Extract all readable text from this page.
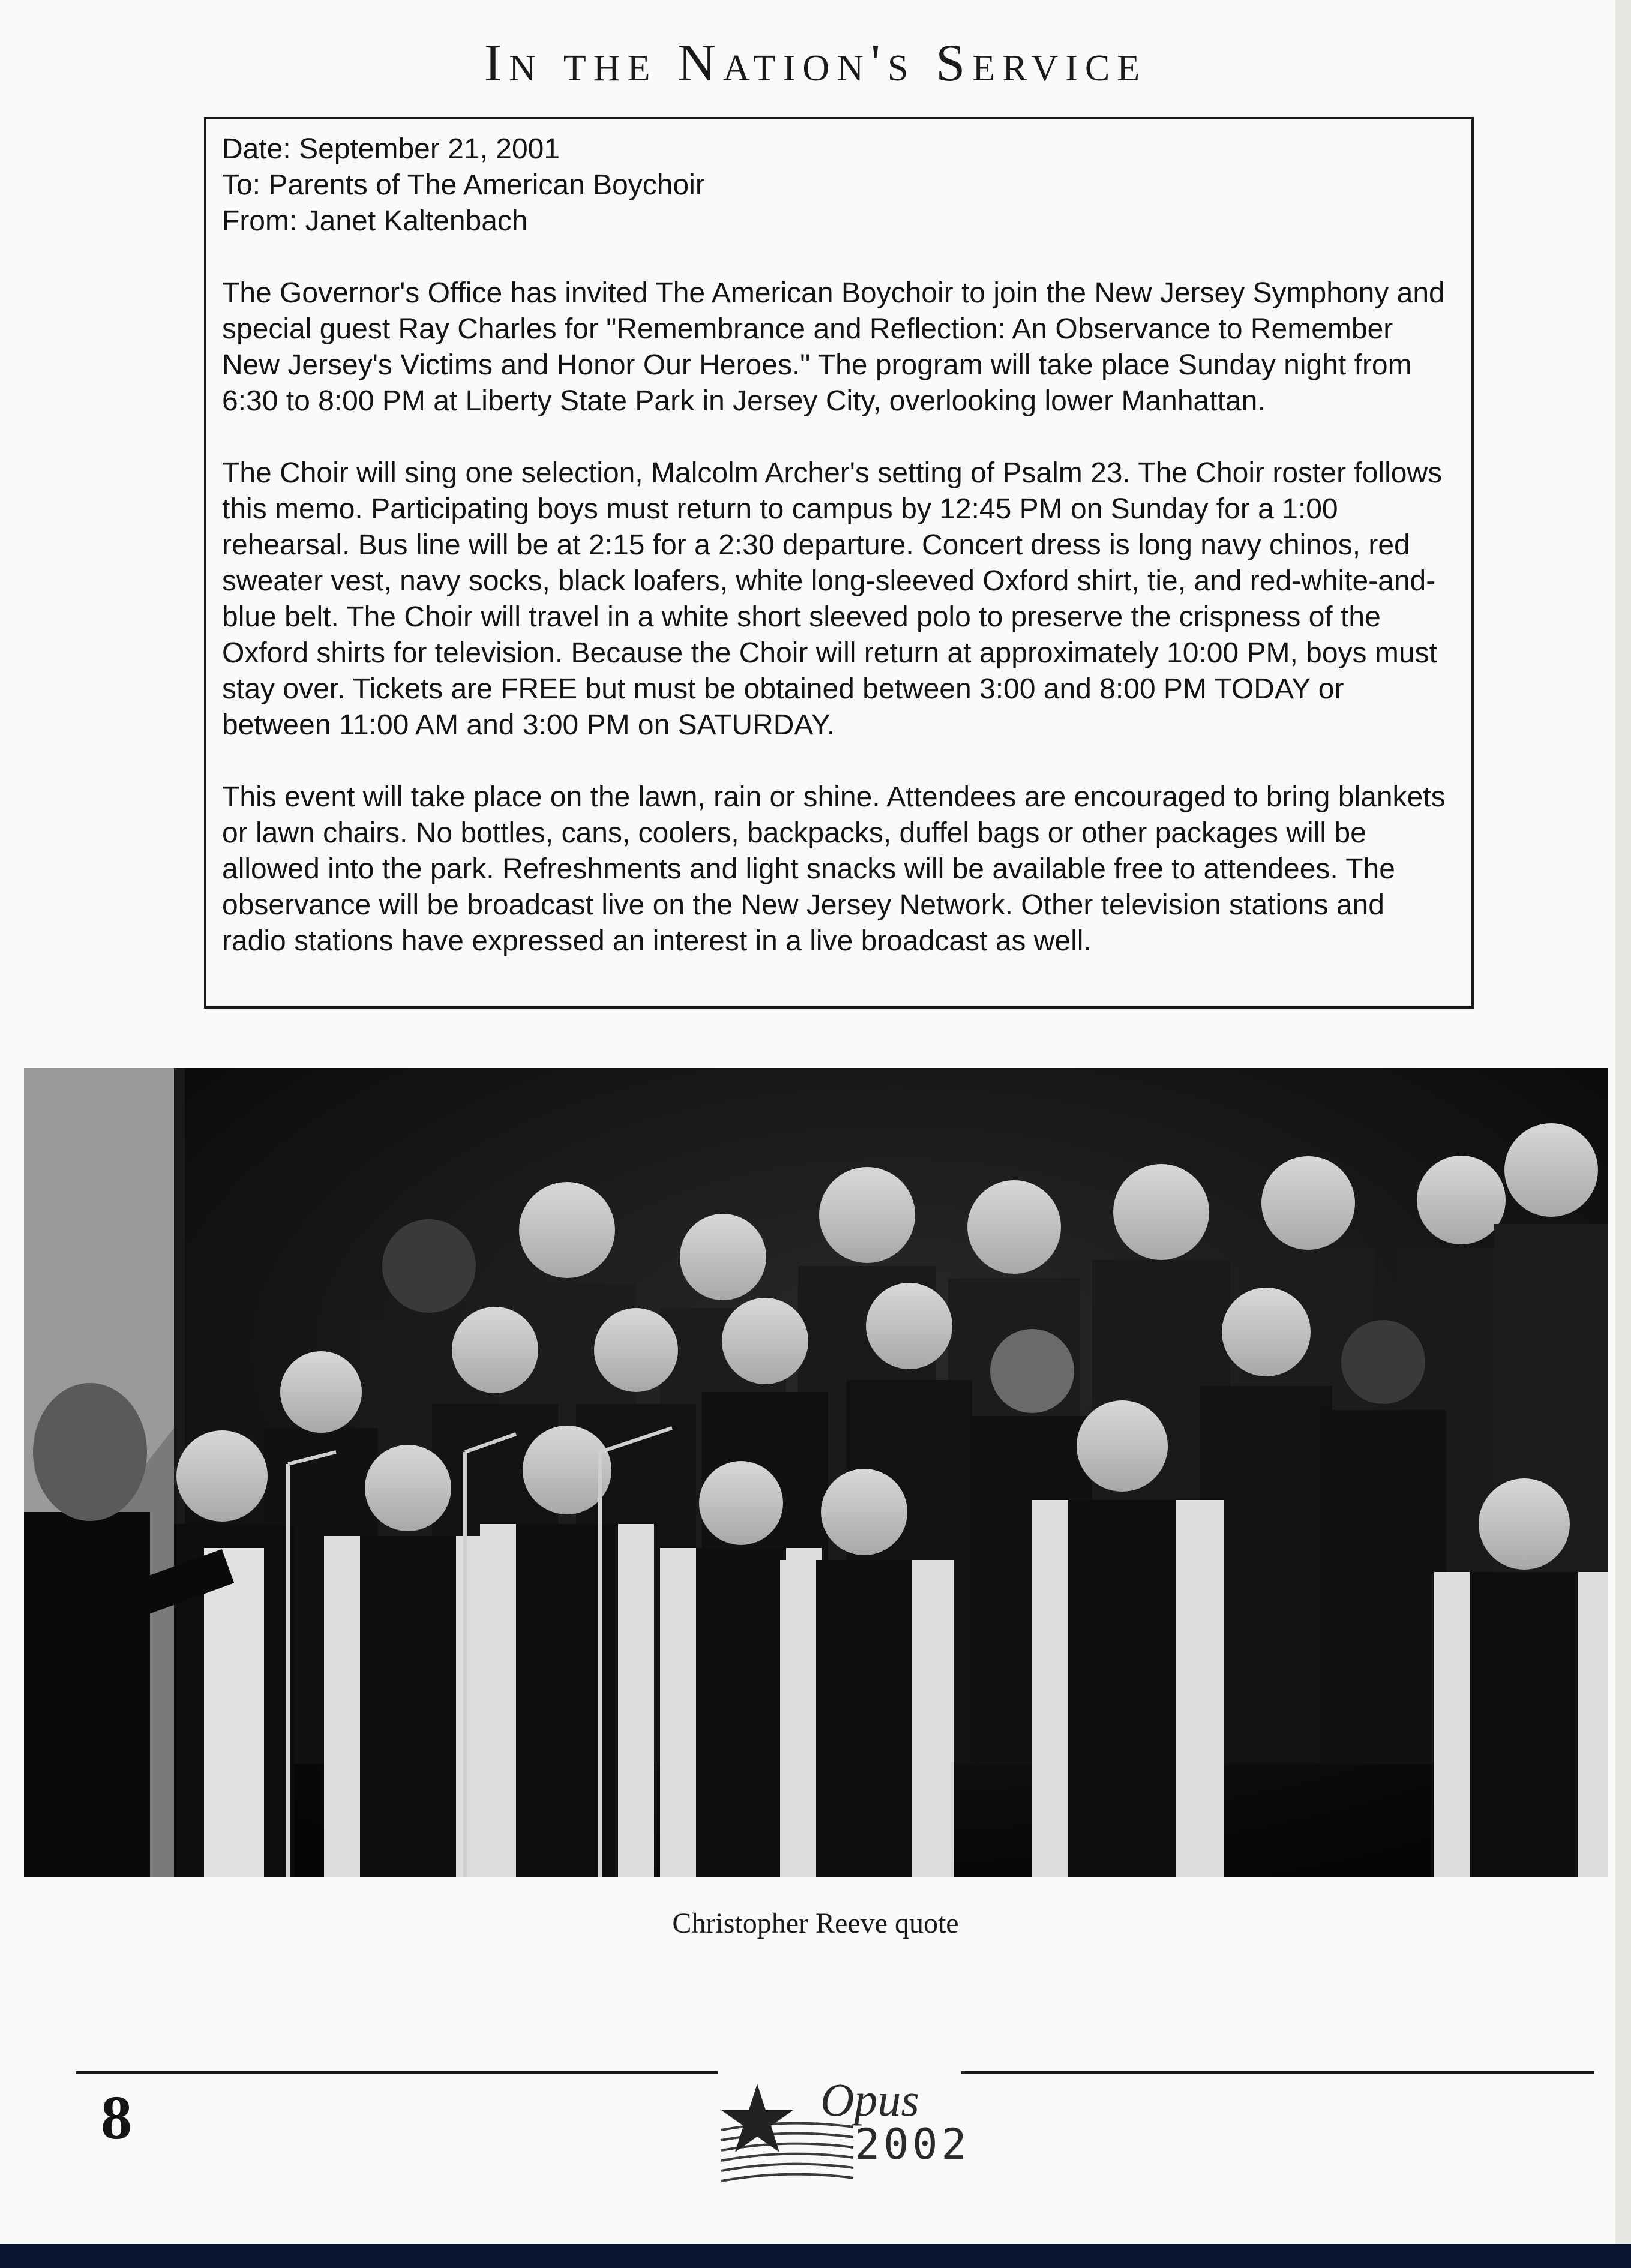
In the Nation's Service

Date: September 21, 2001
To: Parents of The American Boychoir
From: Janet Kaltenbach

The Governor's Office has invited The American Boychoir to join the New Jersey Symphony and special guest Ray Charles for "Remembrance and Reflection: An Observance to Remember New Jersey's Victims and Honor Our Heroes." The program will take place Sunday night from 6:30 to 8:00 PM at Liberty State Park in Jersey City, overlooking lower Manhattan.

The Choir will sing one selection, Malcolm Archer's setting of Psalm 23. The Choir roster follows this memo. Participating boys must return to campus by 12:45 PM on Sunday for a 1:00 rehearsal. Bus line will be at 2:15 for a 2:30 departure. Concert dress is long navy chinos, red sweater vest, navy socks, black loafers, white long-sleeved Oxford shirt, tie, and red-white-and-blue belt. The Choir will travel in a white short sleeved polo to preserve the crispness of the Oxford shirts for television. Because the Choir will return at approximately 10:00 PM, boys must stay over. Tickets are FREE but must be obtained between 3:00 and 8:00 PM TODAY or between 11:00 AM and 3:00 PM on SATURDAY.

This event will take place on the lawn, rain or shine. Attendees are encouraged to bring blankets or lawn chairs. No bottles, cans, coolers, backpacks, duffel bags or other packages will be allowed into the park. Refreshments and light snacks will be available free to attendees. The observance will be broadcast live on the New Jersey Network. Other television stations and radio stations have expressed an interest in a live broadcast as well.

Christopher Reeve quote
8	Opus
2002
